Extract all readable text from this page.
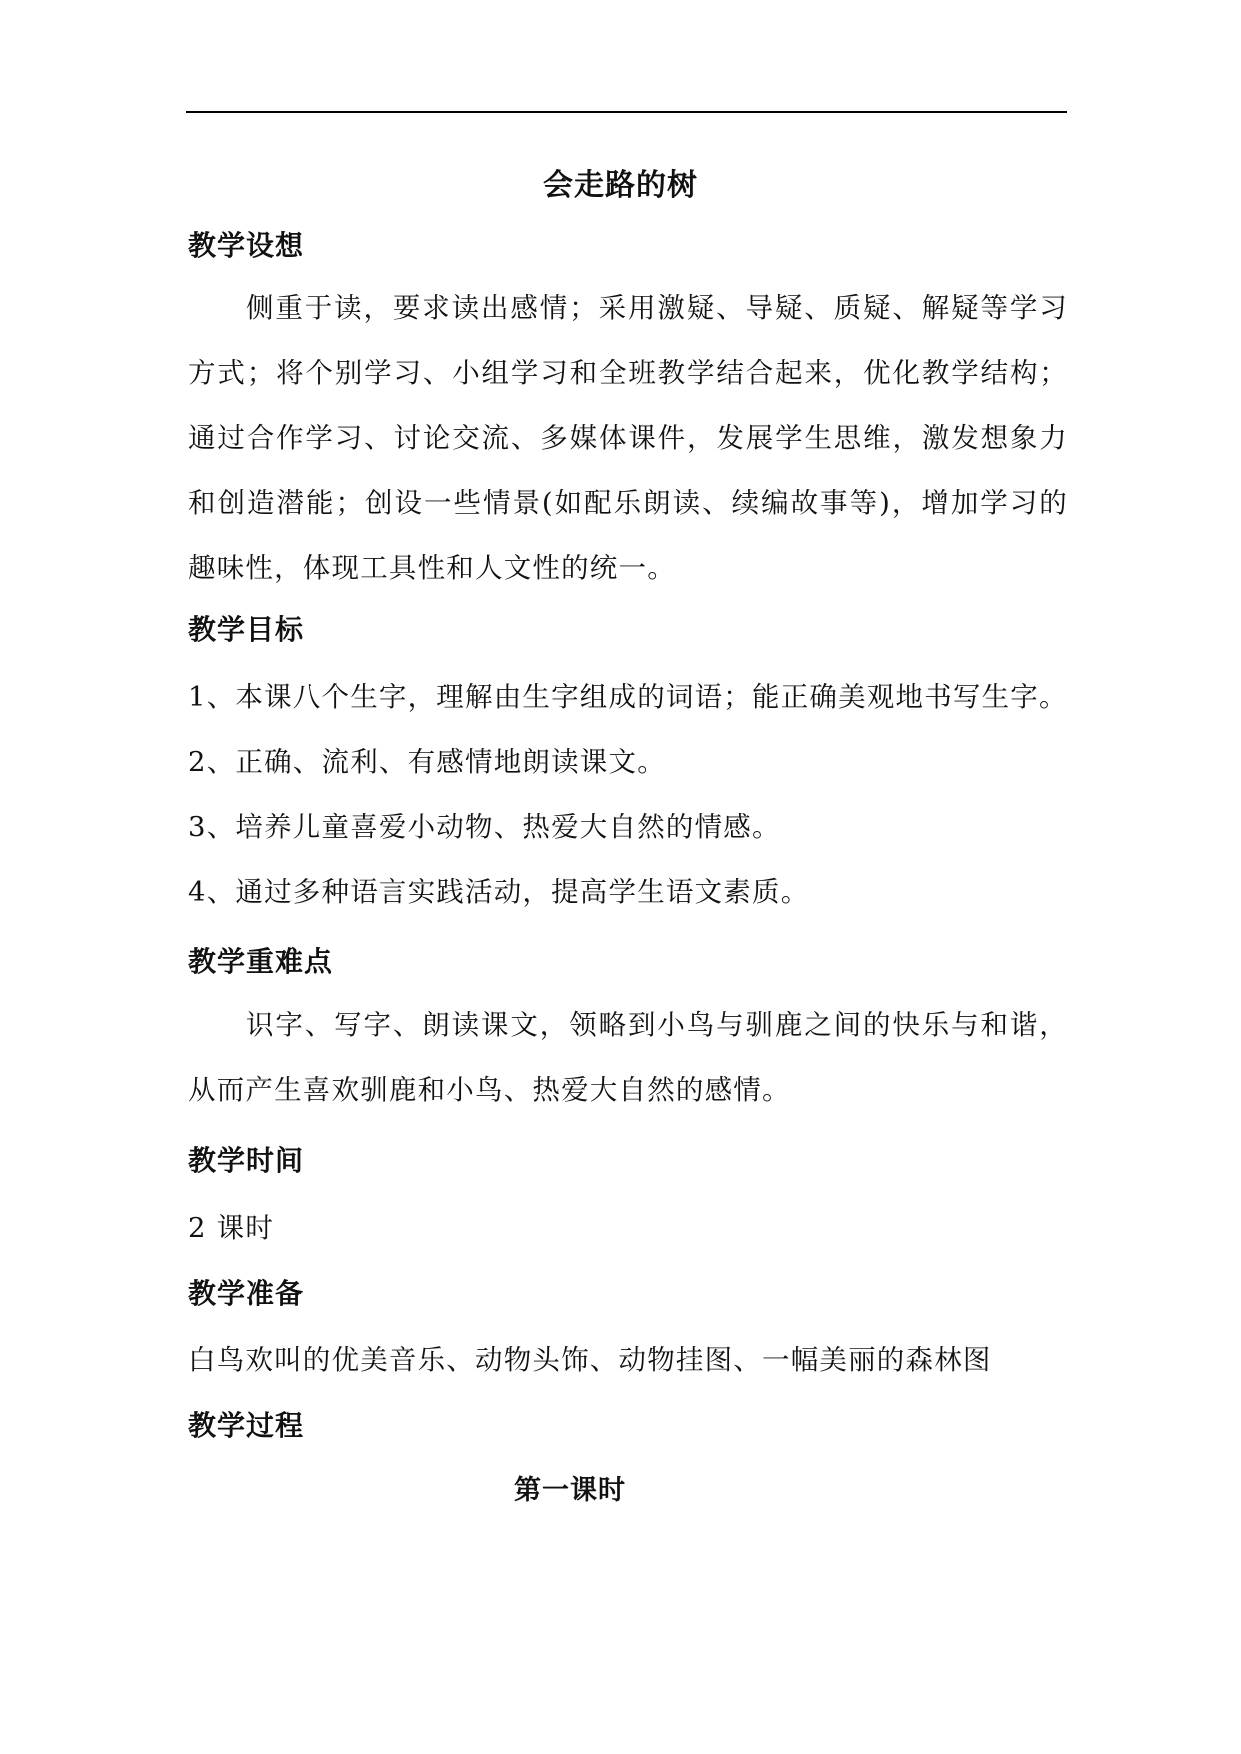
会走路的树
教学设想
侧重于读，要求读出感情；采用激疑、导疑、质疑、解疑等学习方式；将个别学习、小组学习和全班教学结合起来，优化教学结构；通过合作学习、讨论交流、多媒体课件，发展学生思维，激发想象力和创造潜能；创设一些情景(如配乐朗读、续编故事等)，增加学习的趣味性，体现工具性和人文性的统一。
教学目标
1、本课八个生字，理解由生字组成的词语；能正确美观地书写生字。
2、正确、流利、有感情地朗读课文。
3、培养儿童喜爱小动物、热爱大自然的情感。
4、通过多种语言实践活动，提高学生语文素质。
教学重难点
识字、写字、朗读课文，领略到小鸟与驯鹿之间的快乐与和谐，从而产生喜欢驯鹿和小鸟、热爱大自然的感情。
教学时间
2 课时
教学准备
白鸟欢叫的优美音乐、动物头饰、动物挂图、一幅美丽的森林图
教学过程
第一课时
